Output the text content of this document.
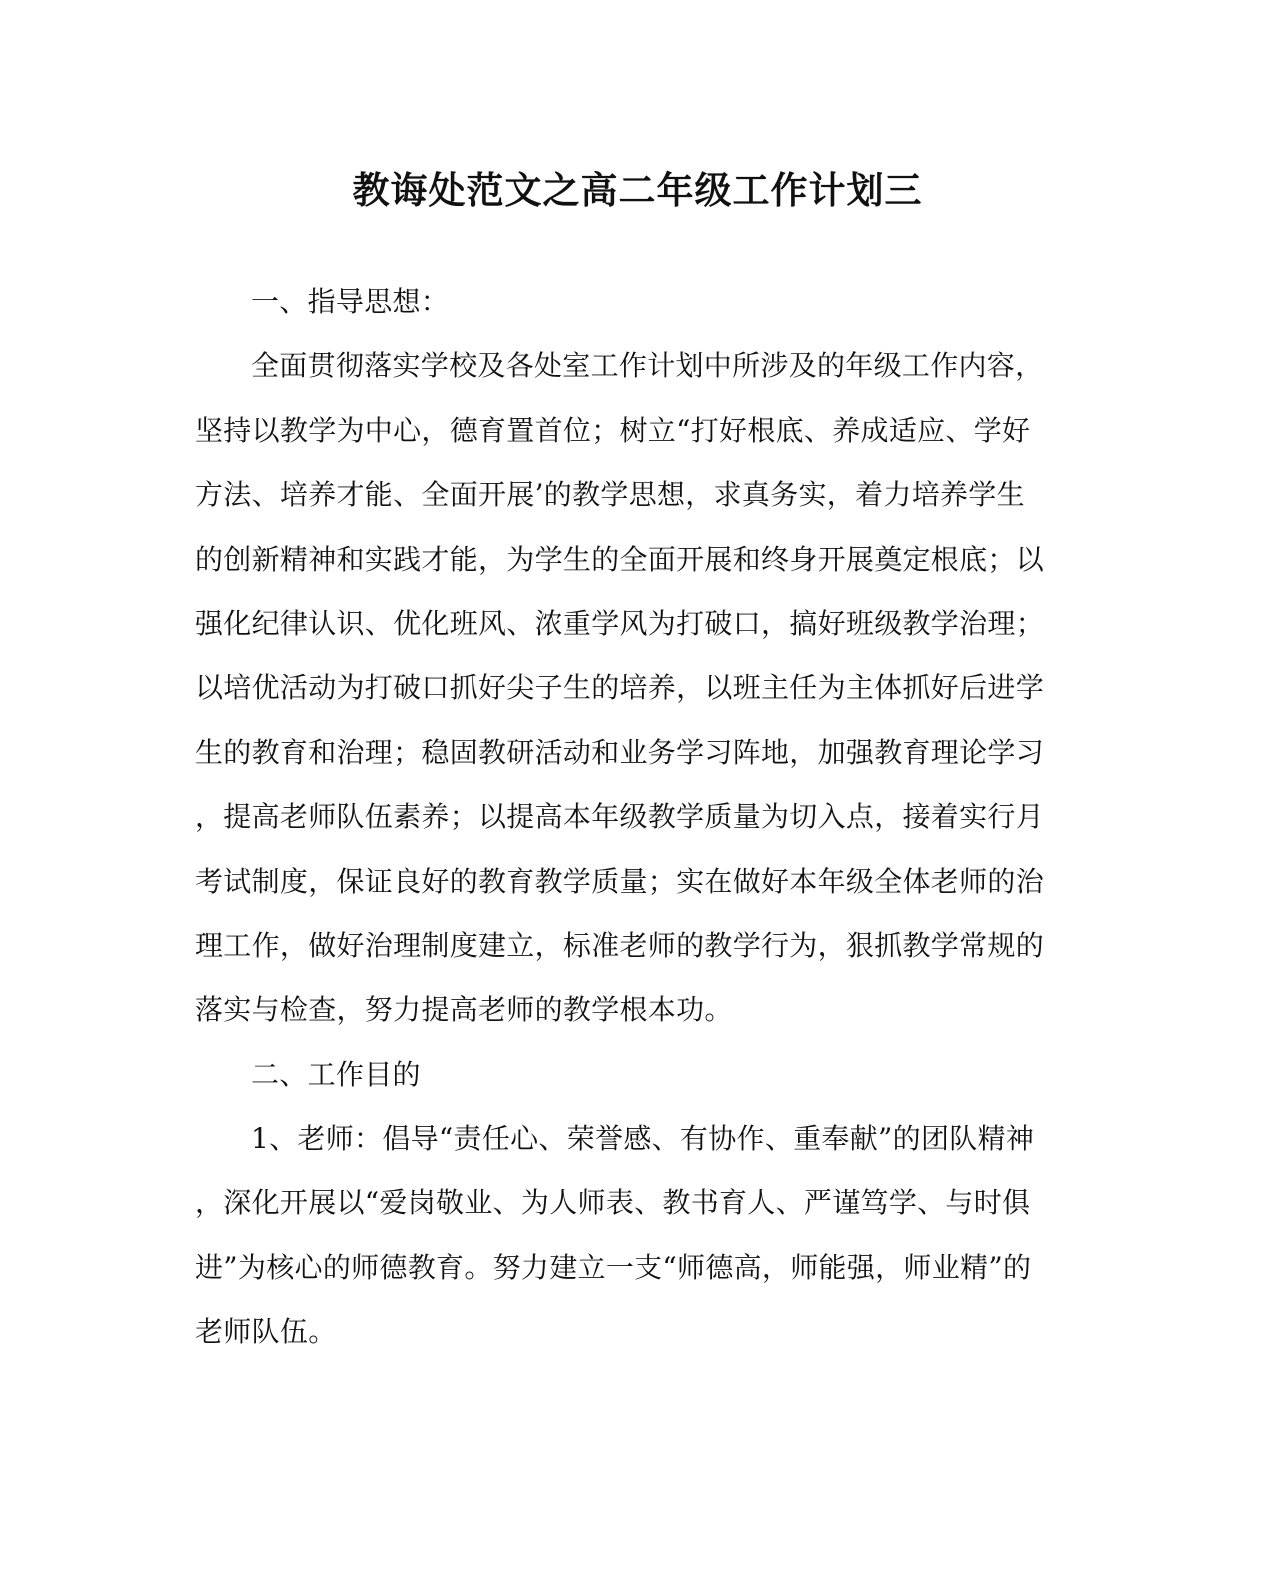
教诲处范文之高二年级工作计划三
一、指导思想：
全面贯彻落实学校及各处室工作计划中所涉及的年级工作内容，
坚持以教学为中心，德育置首位；树立“打好根底、养成适应、学好
方法、培养才能、全面开展’的教学思想，求真务实，着力培养学生
的创新精神和实践才能，为学生的全面开展和终身开展奠定根底；以
强化纪律认识、优化班风、浓重学风为打破口，搞好班级教学治理；
以培优活动为打破口抓好尖子生的培养，以班主任为主体抓好后进学
生的教育和治理；稳固教研活动和业务学习阵地，加强教育理论学习
，提高老师队伍素养；以提高本年级教学质量为切入点，接着实行月
考试制度，保证良好的教育教学质量；实在做好本年级全体老师的治
理工作，做好治理制度建立，标准老师的教学行为，狠抓教学常规的
落实与检查，努力提高老师的教学根本功。
二、工作目的
1、老师：倡导“责任心、荣誉感、有协作、重奉献”的团队精神
，深化开展以“爱岗敬业、为人师表、教书育人、严谨笃学、与时俱
进”为核心的师德教育。努力建立一支“师德高，师能强，师业精”的
老师队伍。
